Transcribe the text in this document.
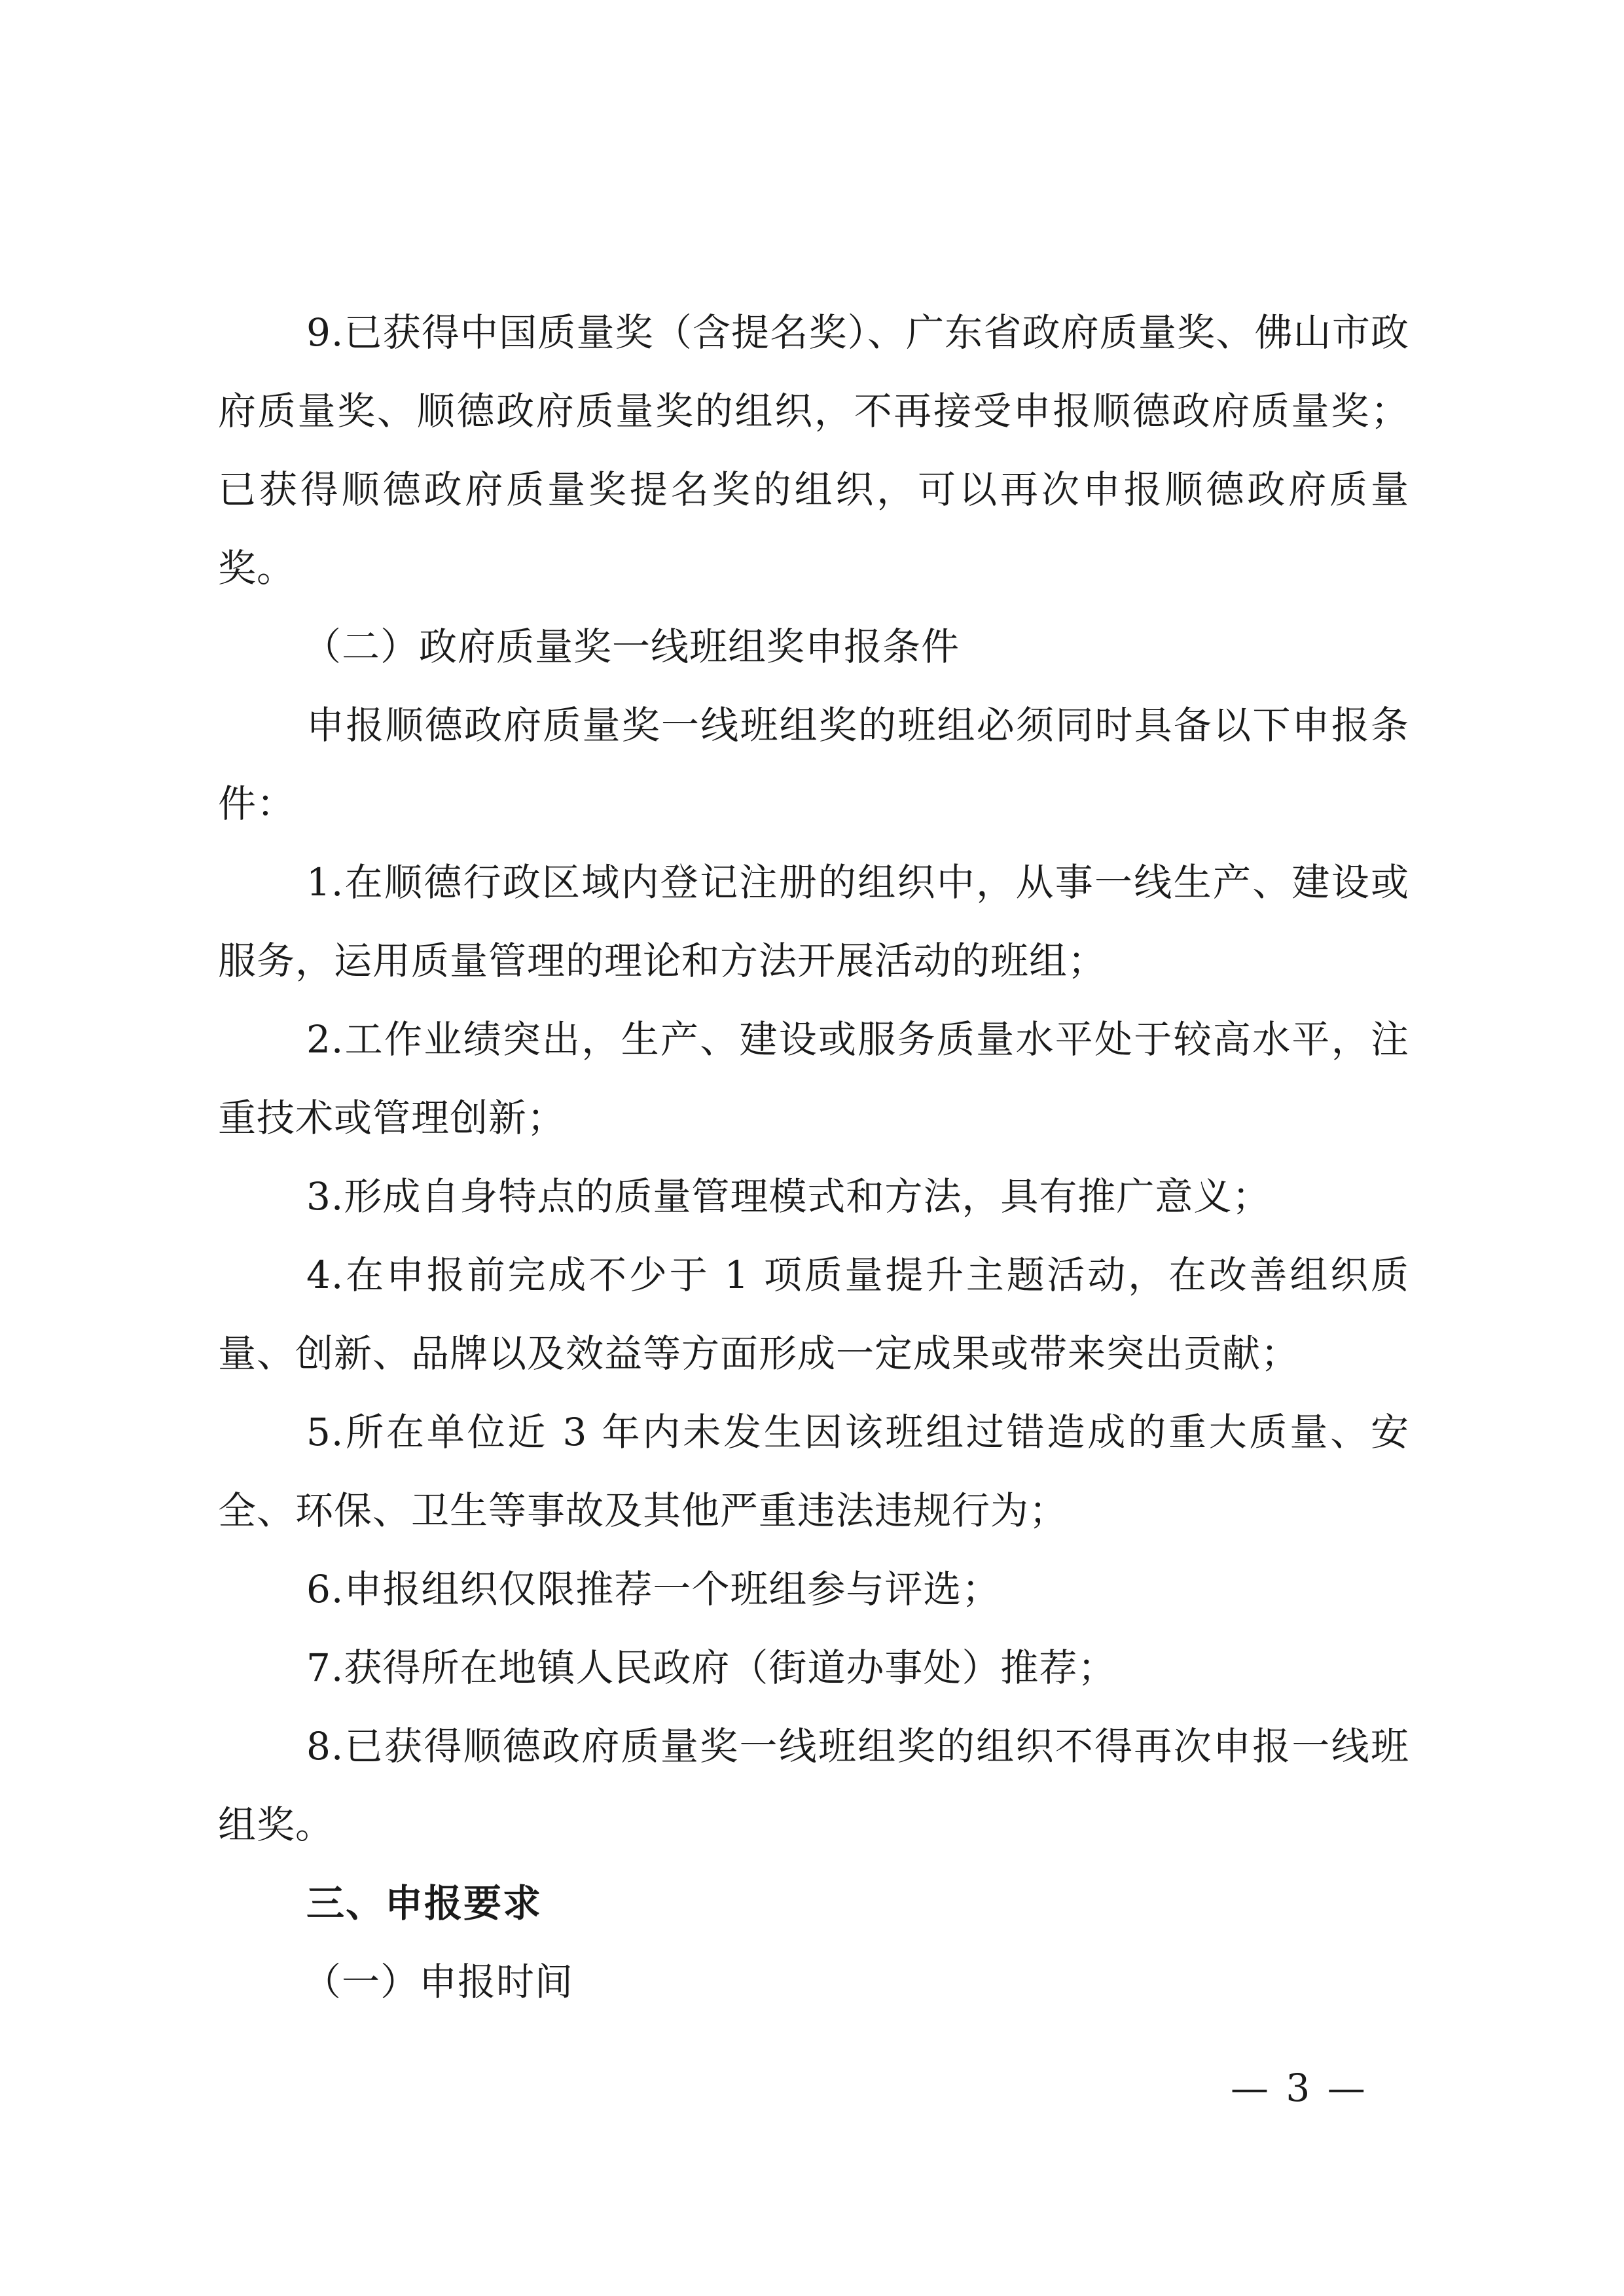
9.已获得中国质量奖（含提名奖）、广东省政府质量奖、佛山市政府质量奖、顺德政府质量奖的组织，不再接受申报顺德政府质量奖；已获得顺德政府质量奖提名奖的组织，可以再次申报顺德政府质量奖。

（二）政府质量奖一线班组奖申报条件

申报顺德政府质量奖一线班组奖的班组必须同时具备以下申报条件：

1.在顺德行政区域内登记注册的组织中，从事一线生产、建设或服务，运用质量管理的理论和方法开展活动的班组；

2.工作业绩突出，生产、建设或服务质量水平处于较高水平，注重技术或管理创新；

3.形成自身特点的质量管理模式和方法，具有推广意义；

4.在申报前完成不少于 1 项质量提升主题活动，在改善组织质量、创新、品牌以及效益等方面形成一定成果或带来突出贡献；

5.所在单位近 3 年内未发生因该班组过错造成的重大质量、安全、环保、卫生等事故及其他严重违法违规行为；

6.申报组织仅限推荐一个班组参与评选；

7.获得所在地镇人民政府（街道办事处）推荐；

8.已获得顺德政府质量奖一线班组奖的组织不得再次申报一线班组奖。

三、申报要求

（一）申报时间

— 3 —
